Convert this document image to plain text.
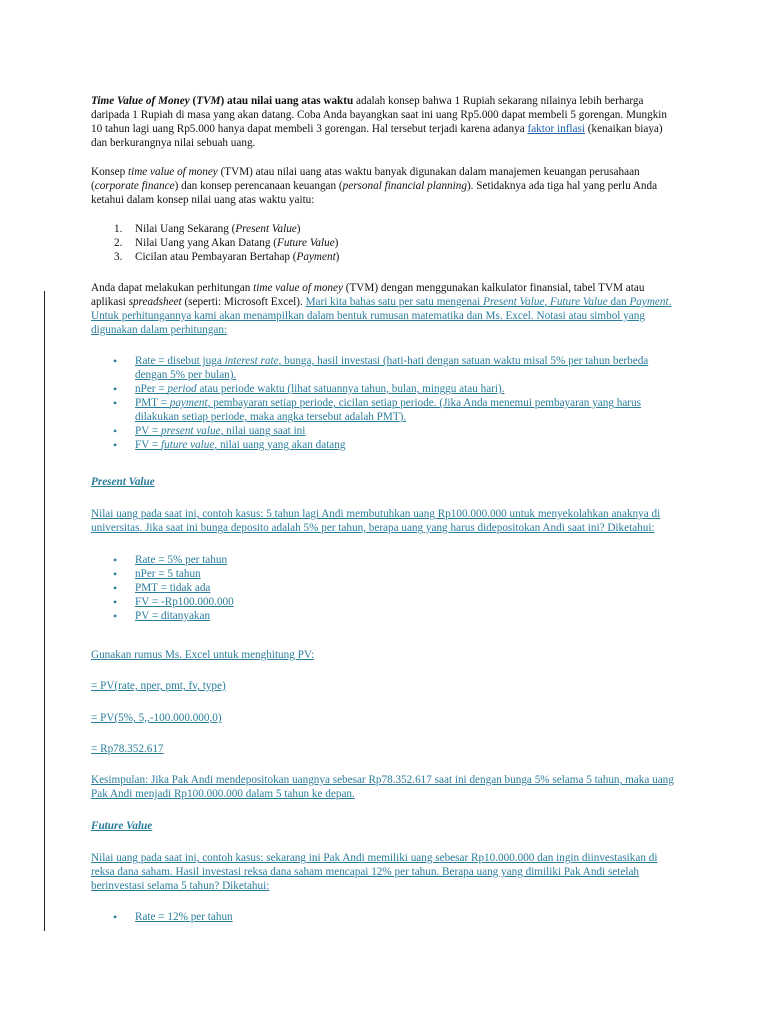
Time Value of Money (TVM) atau nilai uang atas waktu adalah konsep bahwa 1 Rupiah sekarang nilainya lebih berharga daripada 1 Rupiah di masa yang akan datang. Coba Anda bayangkan saat ini uang Rp5.000 dapat membeli 5 gorengan. Mungkin 10 tahun lagi uang Rp5.000 hanya dapat membeli 3 gorengan. Hal tersebut terjadi karena adanya faktor inflasi (kenaikan biaya) dan berkurangnya nilai sebuah uang.
Konsep time value of money (TVM) atau nilai uang atas waktu banyak digunakan dalam manajemen keuangan perusahaan (corporate finance) dan konsep perencanaan keuangan (personal financial planning). Setidaknya ada tiga hal yang perlu Anda ketahui dalam konsep nilai uang atas waktu yaitu:
1. Nilai Uang Sekarang (Present Value)
2. Nilai Uang yang Akan Datang (Future Value)
3. Cicilan atau Pembayaran Bertahap (Payment)
Anda dapat melakukan perhitungan time value of money (TVM) dengan menggunakan kalkulator finansial, tabel TVM atau aplikasi spreadsheet (seperti: Microsoft Excel). Mari kita bahas satu per satu mengenai Present Value, Future Value dan Payment. Untuk perhitungannya kami akan menampilkan dalam bentuk rumusan matematika dan Ms. Excel. Notasi atau simbol yang digunakan dalam perhitungan:
• Rate = disebut juga interest rate, bunga, hasil investasi (hati-hati dengan satuan waktu misal 5% per tahun berbeda dengan 5% per bulan).
• nPer = period atau periode waktu (lihat satuannya tahun, bulan, minggu atau hari).
• PMT = payment, pembayaran setiap periode, cicilan setiap periode. (Jika Anda menemui pembayaran yang harus dilakukan setiap periode, maka angka tersebut adalah PMT).
• PV = present value, nilai uang saat ini
• FV = future value, nilai uang yang akan datang
Present Value
Nilai uang pada saat ini, contoh kasus: 5 tahun lagi Andi membutuhkan uang Rp100.000.000 untuk menyekolahkan anaknya di universitas. Jika saat ini bunga deposito adalah 5% per tahun, berapa uang yang harus didepositokan Andi saat ini? Diketahui:
• Rate = 5% per tahun
• nPer = 5 tahun
• PMT = tidak ada
• FV = -Rp100.000.000
• PV = ditanyakan
Gunakan rumus Ms. Excel untuk menghitung PV:
= PV(rate, nper, pmt, fv, type)
= PV(5%, 5,,-100.000.000,0)
= Rp78.352.617
Kesimpulan: Jika Pak Andi mendepositokan uangnya sebesar Rp78.352.617 saat ini dengan bunga 5% selama 5 tahun, maka uang Pak Andi menjadi Rp100.000.000 dalam 5 tahun ke depan.
Future Value
Nilai uang pada saat ini, contoh kasus: sekarang ini Pak Andi memiliki uang sebesar Rp10.000.000 dan ingin diinvestasikan di reksa dana saham. Hasil investasi reksa dana saham mencapai 12% per tahun. Berapa uang yang dimiliki Pak Andi setelah berinvestasi selama 5 tahun? Diketahui:
• Rate = 12% per tahun
